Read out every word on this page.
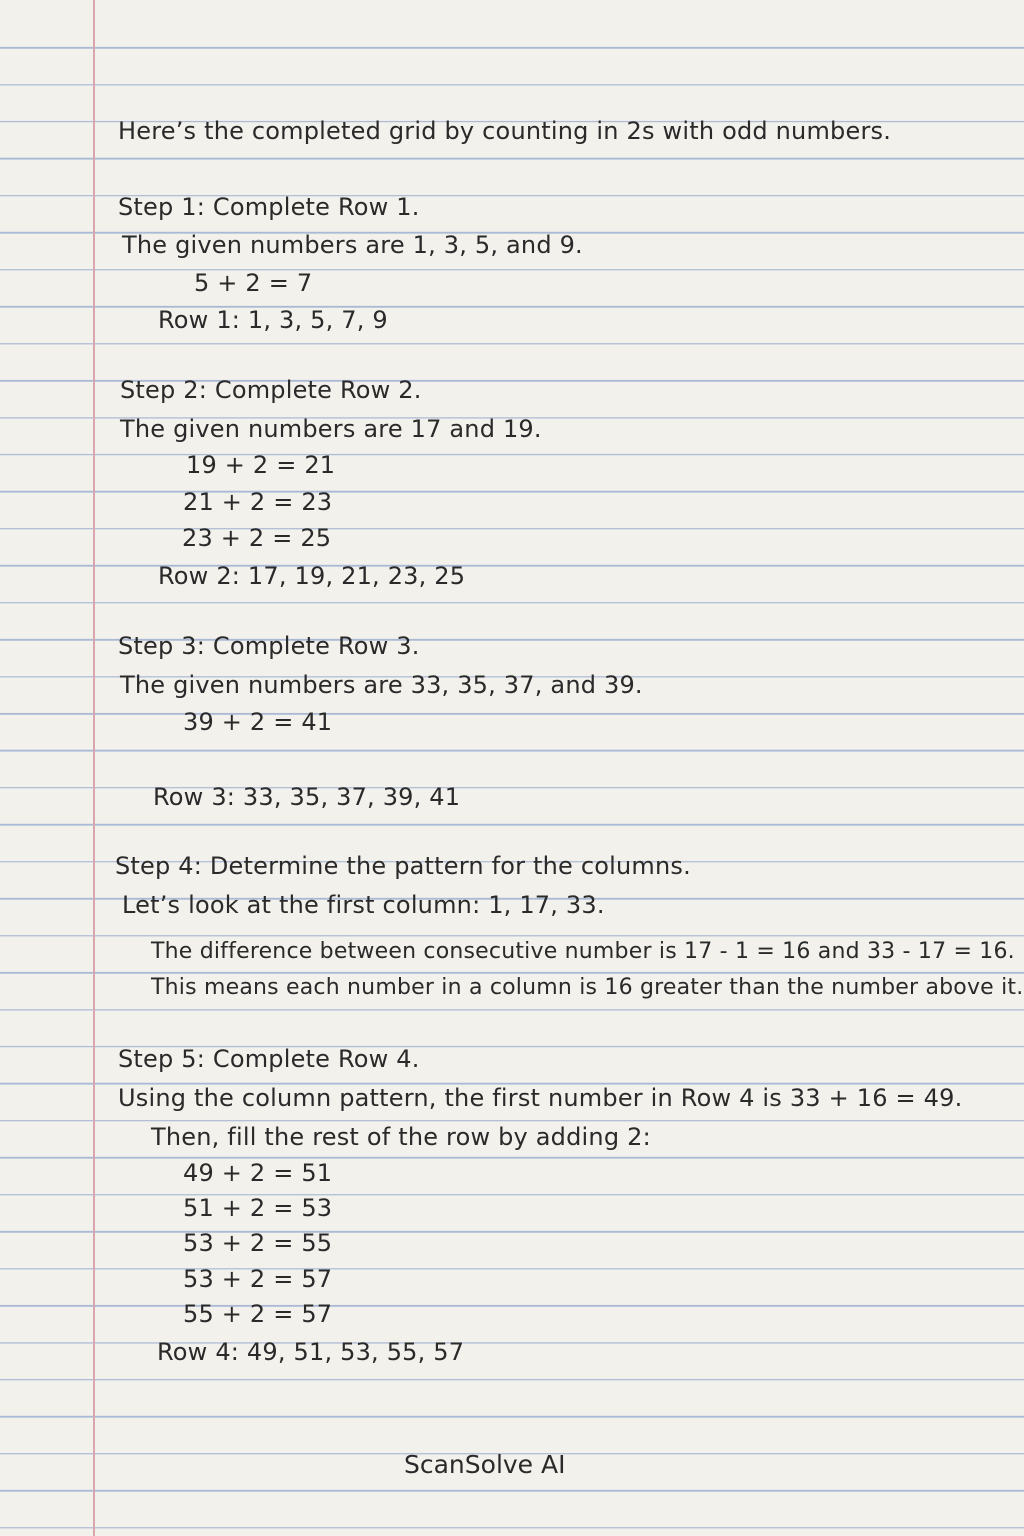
Here’s the completed grid by counting in 2s with odd numbers.
Step 1: Complete Row 1.
The given numbers are 1, 3, 5, and 9.
5 + 2 = 7
Row 1: 1, 3, 5, 7, 9
Step 2: Complete Row 2.
The given numbers are 17 and 19.
19 + 2 = 21
21 + 2 = 23
23 + 2 = 25
Row 2: 17, 19, 21, 23, 25
Step 3: Complete Row 3.
The given numbers are 33, 35, 37, and 39.
39 + 2 = 41
Row 3: 33, 35, 37, 39, 41
Step 4: Determine the pattern for the columns.
Let’s look at the first column: 1, 17, 33.
The difference between consecutive number is 17 - 1 = 16 and 33 - 17 = 16.
This means each number in a column is 16 greater than the number above it.
Step 5: Complete Row 4.
Using the column pattern, the first number in Row 4 is 33 + 16 = 49.
Then, fill the rest of the row by adding 2:
49 + 2 = 51
51 + 2 = 53
53 + 2 = 55
53 + 2 = 57
55 + 2 = 57
Row 4: 49, 51, 53, 55, 57
ScanSolve AI
